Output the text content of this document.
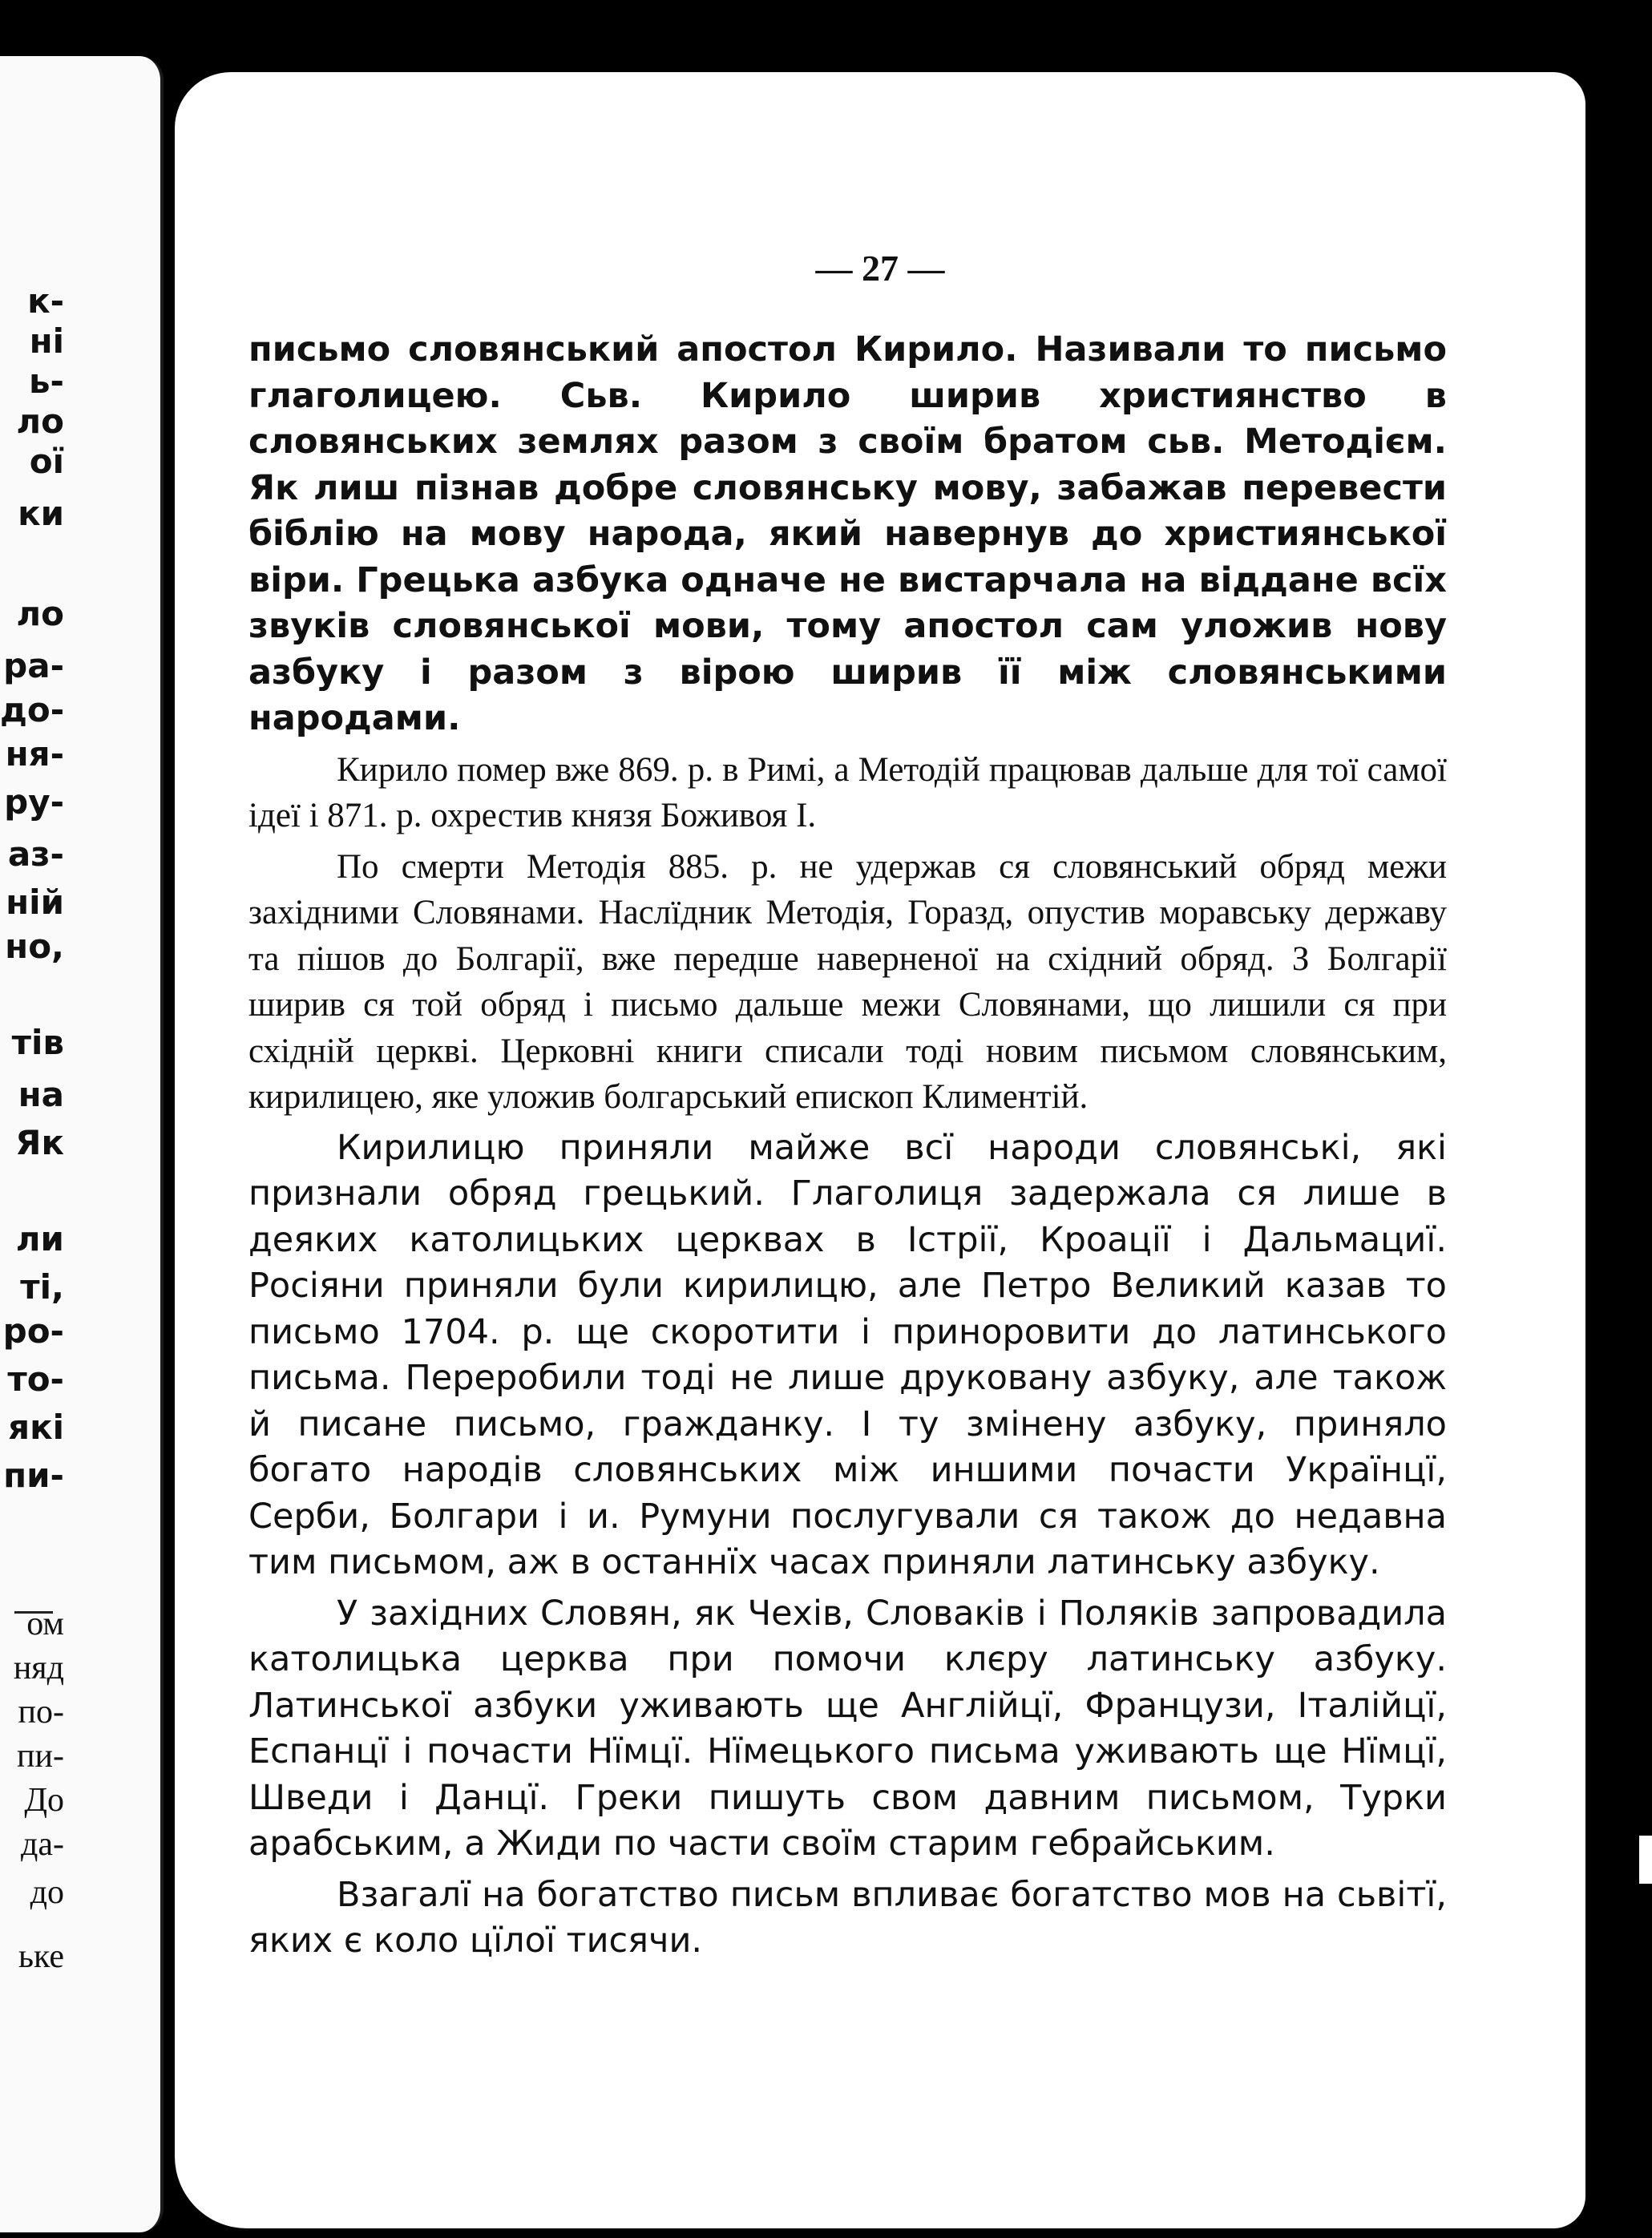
к-
ні
ь-
ло
ої
ки
ло
ра-
до-
ня-
ру-
аз-
ній
но,
тів
на
Як
ли
ті,
ро-
то-
які
пи-
ом
няд
по-
пи-
До
да-
до
ьке
— 27 —

письмо словянський апостол Кирило. Називали то письмо глаголицею. Сьв. Кирило ширив християнство в словянських землях разом з своїм братом сьв. Методієм. Як лиш пізнав добре словянську мову, забажав перевести біблію на мову народа, який навернув до християнської віри. Грецька азбука одначе не вистарчала на віддане всїх звуків словянської мови, тому апостол сам уложив нову азбуку і разом з вірою ширив її між словянськими народами.

Кирило помер вже 869. р. в Римі, а Методій працював дальше для тої самої ідеї і 871. р. охрестив князя Боживоя І.

По смерти Методія 885. р. не удержав ся словянський обряд межи західними Словянами. Наслїдник Методія, Горазд, опустив моравську державу та пішов до Болгарії, вже передше наверненої на східний обряд. З Болгарії ширив ся той обряд і письмо дальше межи Словянами, що лишили ся при східній церкві. Церковні книги списали тоді новим письмом словянським, кирилицею, яке уложив болгарський епископ Климентій.

Кирилицю приняли майже всї народи словянські, які признали обряд грецький. Глаголиця задержала ся лише в деяких католицьких церквах в Істрії, Кроації і Дальмациї. Росіяни приняли були кирилицю, але Петро Великий казав то письмо 1704. р. ще скоротити і приноровити до латинського письма. Переробили тоді не лише друковану азбуку, але також й писане письмо, гражданку. І ту змінену азбуку, приняло богато народів словянських між иншими почасти Українцї, Серби, Болгари і и. Румуни послугували ся також до недавна тим письмом, аж в останнїх часах приняли латинську азбуку.

У західних Словян, як Чехів, Словаків і Поляків запровадила католицька церква при помочи клєру латинську азбуку. Латинської азбуки уживають ще Англійцї, Французи, Італійцї, Еспанцї і почасти Нїмцї. Нїмецького письма уживають ще Нїмцї, Шведи і Данцї. Греки пишуть свом давним письмом, Турки арабським, а Жиди по части своїм старим гебрайським.

Взагалї на богатство письм впливає богатство мов на сьвітї, яких є коло цїлої тисячи.
